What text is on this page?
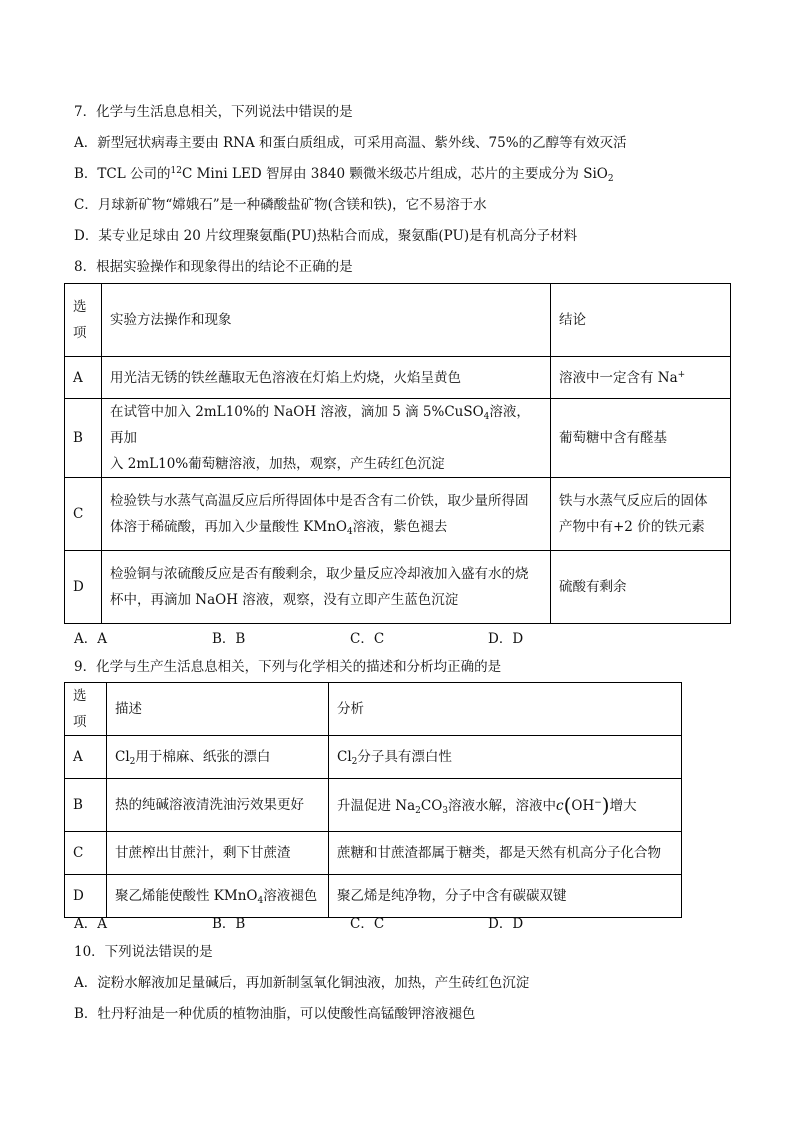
7．化学与生活息息相关，下列说法中错误的是
A．新型冠状病毒主要由 RNA 和蛋白质组成，可采用高温、紫外线、75%的乙醇等有效灭活
B．TCL 公司的$^{12}$C Mini LED 智屏由 3840 颗微米级芯片组成，芯片的主要成分为 SiO$_2$
C．月球新矿物“嫦娥石”是一种磷酸盐矿物(含镁和铁)，它不易溶于水
D．某专业足球由 20 片纹理聚氨酯(PU)热粘合而成，聚氨酯(PU)是有机高分子材料
8．根据实验操作和现象得出的结论不正确的是
选
项	实验方法操作和现象	结论
A	用光洁无锈的铁丝蘸取无色溶液在灯焰上灼烧，火焰呈黄色	溶液中一定含有 Na+
B	在试管中加入 2mL10%的 NaOH 溶液，滴加 5 滴 5%CuSO$_4$溶液，再加
入 2mL10%葡萄糖溶液，加热，观察，产生砖红色沉淀	葡萄糖中含有醛基
C	检验铁与水蒸气高温反应后所得固体中是否含有二价铁，取少量所得固
体溶于稀硫酸，再加入少量酸性 KMnO$_4$溶液，紫色褪去	铁与水蒸气反应后的固体
产物中有+2 价的铁元素
D	检验铜与浓硫酸反应是否有酸剩余，取少量反应冷却液加入盛有水的烧
杯中，再滴加 NaOH 溶液，观察，没有立即产生蓝色沉淀	硫酸有剩余
A．A	B．B	C．C	D．D
9．化学与生产生活息息相关，下列与化学相关的描述和分析均正确的是
选项	描述	分析
A	$Cl_2$用于棉麻、纸张的漂白	$Cl_2$分子具有漂白性
B	热的纯碱溶液清洗油污效果更好	升温促进 $Na_2CO_3$溶液水解，溶液中c(OH−)增大
C	甘蔗榨出甘蔗汁，剩下甘蔗渣	蔗糖和甘蔗渣都属于糖类，都是天然有机高分子化合物
D	聚乙烯能使酸性 KMnO$_4$溶液褪色	聚乙烯是纯净物，分子中含有碳碳双键
A．A	B．B	C．C	D．D
10．下列说法错误的是
A．淀粉水解液加足量碱后，再加新制氢氧化铜浊液，加热，产生砖红色沉淀
B．牡丹籽油是一种优质的植物油脂，可以使酸性高锰酸钾溶液褪色
